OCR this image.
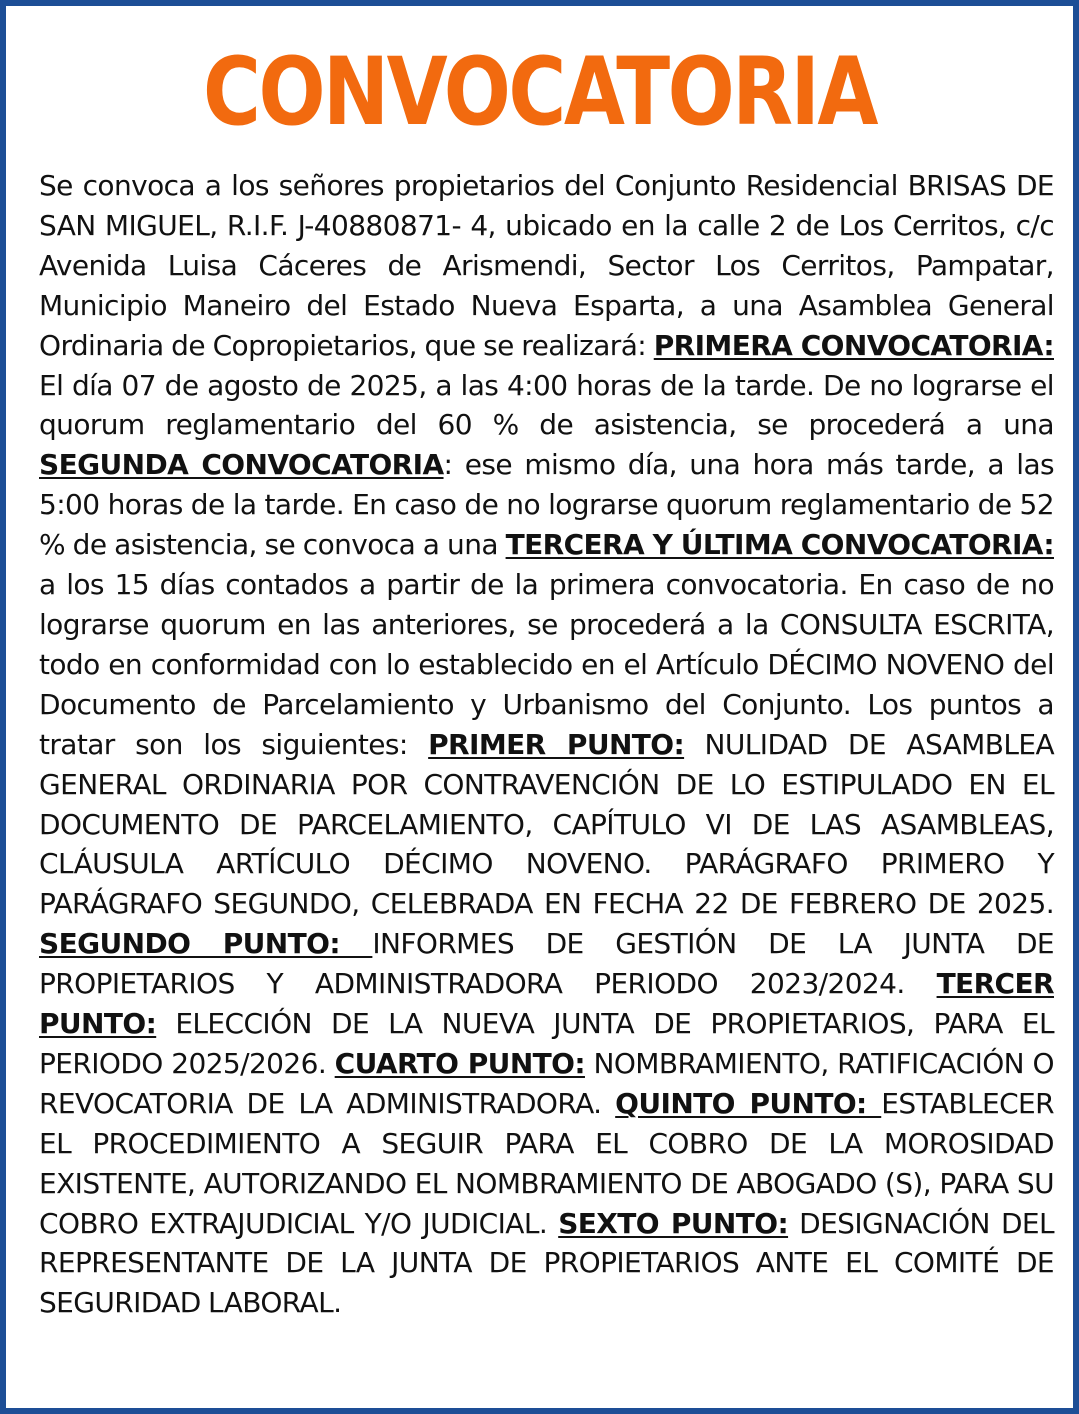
CONVOCATORIA
Se convoca a los señores propietarios del Conjunto Residencial BRISAS DE SAN MIGUEL, R.I.F. J-40880871- 4, ubicado en la calle 2 de Los Cerritos, c/c Avenida Luisa Cáceres de Arismendi, Sector Los Cerritos, Pampatar, Municipio Maneiro del Estado Nueva Esparta, a una Asamblea General Ordinaria de Copropietarios, que se realizará: PRIMERA CONVOCATORIA: El día 07 de agosto de 2025, a las 4:00 horas de la tarde. De no lograrse el quorum reglamentario del 60 % de asistencia, se procederá a una SEGUNDA CONVOCATORIA: ese mismo día, una hora más tarde, a las 5:00 horas de la tarde. En caso de no lograrse quorum reglamentario de 52 % de asistencia, se convoca a una TERCERA Y ÚLTIMA CONVOCATORIA: a los 15 días contados a partir de la primera convocatoria. En caso de no lograrse quorum en las anteriores, se procederá a la CONSULTA ESCRITA, todo en conformidad con lo establecido en el Artículo DÉCIMO NOVENO del Documento de Parcelamiento y Urbanismo del Conjunto. Los puntos a tratar son los siguientes: PRIMER PUNTO: NULIDAD DE ASAMBLEA GENERAL ORDINARIA POR CONTRAVENCIÓN DE LO ESTIPULADO EN EL DOCUMENTO DE PARCELAMIENTO, CAPÍTULO VI DE LAS ASAMBLEAS, CLÁUSULA ARTÍCULO DÉCIMO NOVENO. PARÁGRAFO PRIMERO Y PARÁGRAFO SEGUNDO, CELEBRADA EN FECHA 22 DE FEBRERO DE 2025. SEGUNDO PUNTO: INFORMES DE GESTIÓN DE LA JUNTA DE PROPIETARIOS Y ADMINISTRADORA PERIODO 2023/2024. TERCER PUNTO: ELECCIÓN DE LA NUEVA JUNTA DE PROPIETARIOS, PARA EL PERIODO 2025/2026. CUARTO PUNTO: NOMBRAMIENTO, RATIFICACIÓN O REVOCATORIA DE LA ADMINISTRADORA. QUINTO PUNTO: ESTABLECER EL PROCEDIMIENTO A SEGUIR PARA EL COBRO DE LA MOROSIDAD EXISTENTE, AUTORIZANDO EL NOMBRAMIENTO DE ABOGADO (S), PARA SU COBRO EXTRAJUDICIAL Y/O JUDICIAL. SEXTO PUNTO: DESIGNACIÓN DEL REPRESENTANTE DE LA JUNTA DE PROPIETARIOS ANTE EL COMITÉ DE SEGURIDAD LABORAL.
